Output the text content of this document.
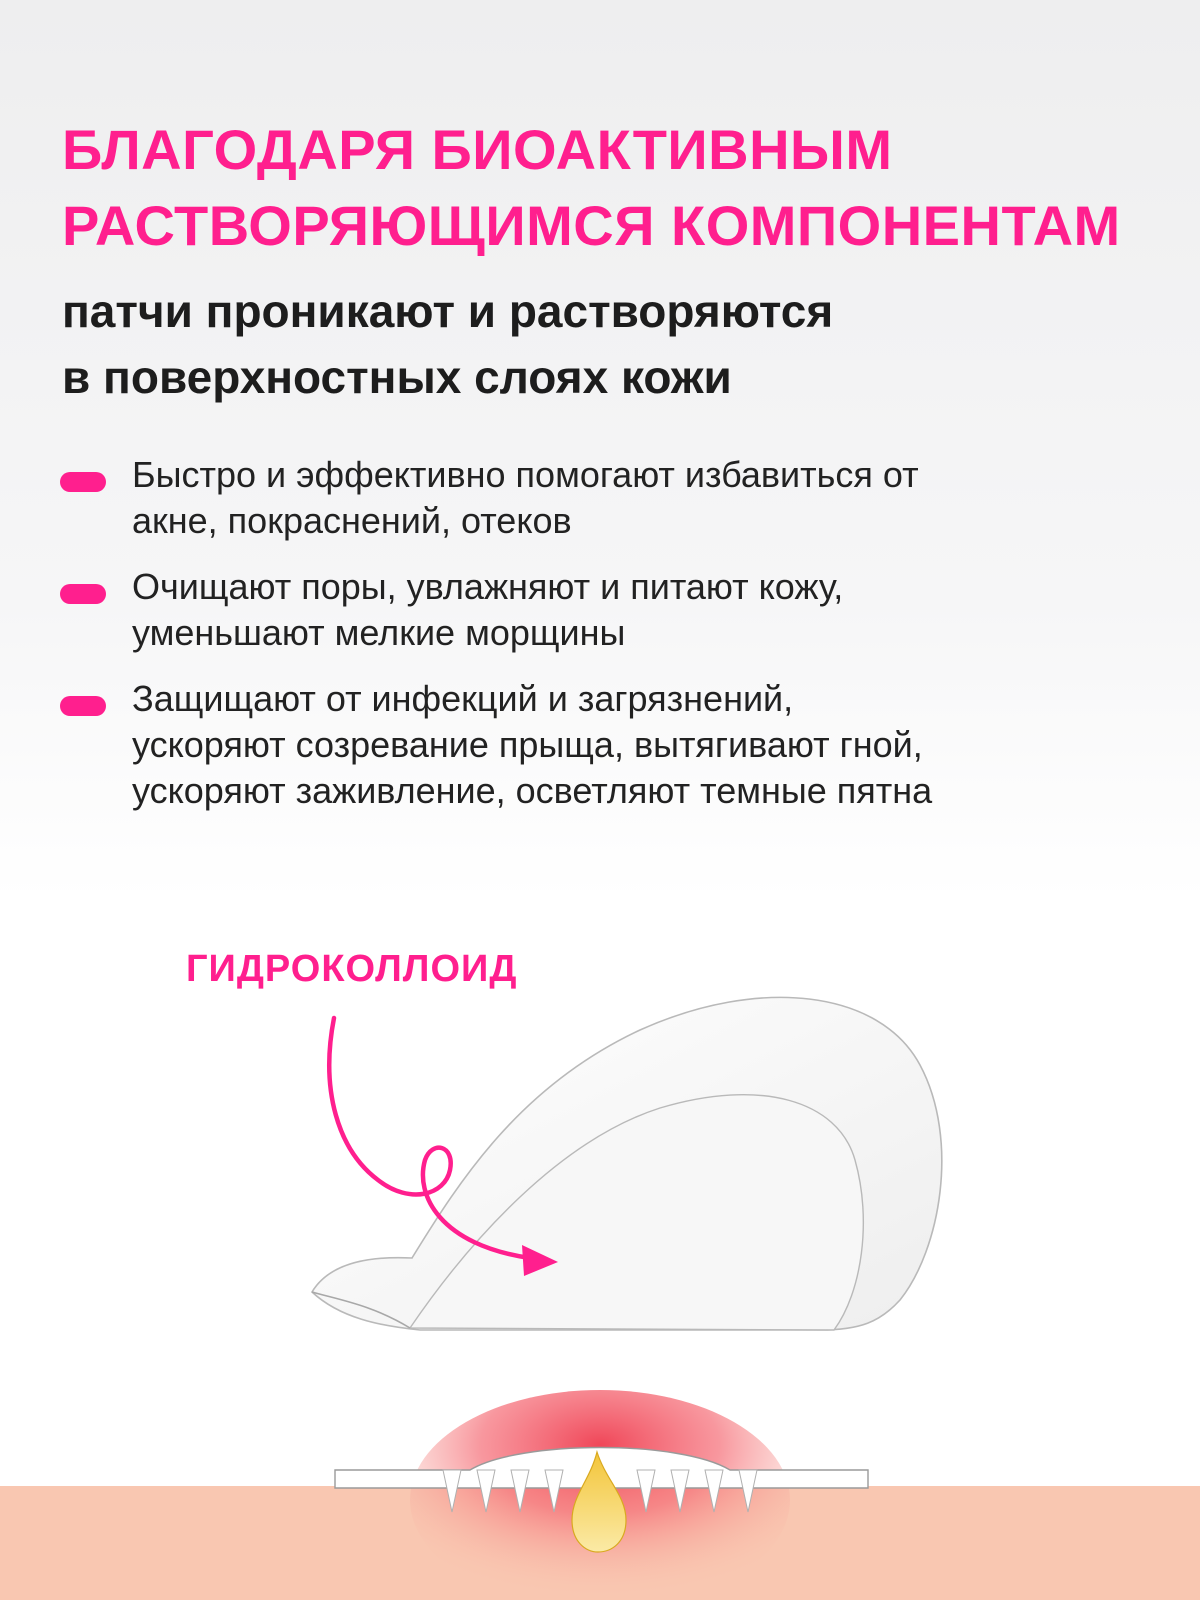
БЛАГОДАРЯ БИОАКТИВНЫМ
РАСТВОРЯЮЩИМСЯ КОМПОНЕНТАМ
патчи проникают и растворяются
в поверхностных слоях кожи
Быстро и эффективно помогают избавиться от
акне, покраснений, отеков
Очищают поры, увлажняют и питают кожу,
уменьшают мелкие морщины
Защищают от инфекций и загрязнений,
ускоряют созревание прыща, вытягивают гной,
ускоряют заживление, осветляют темные пятна

ГИДРОКОЛЛОИД
